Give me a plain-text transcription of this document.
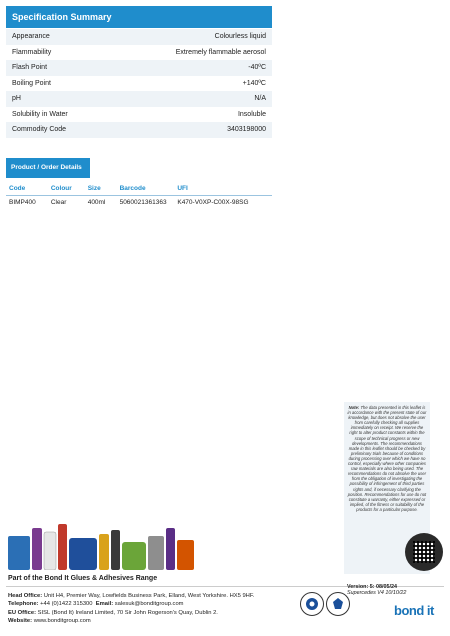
Specification Summary
Appearance	Colourless liquid
Flammability	Extremely flammable aerosol
Flash Point	-40ºC
Boiling Point	+140ºC
pH	N/A
Solubility in Water	Insoluble
Commodity Code	3403198000
Product / Order Details
Code	Colour	Size	Barcode	UFI
BIMP400	Clear	400ml	5060021361363	K470-V0XP-C00X-98SG
Note: The data presented in this leaflet is in accordance with the present state of our knowledge, but does not absolve the user from carefully checking all supplies immediately on receipt. We reserve the right to alter product constants within the scope of technical progress or new developments. The recommendations made in this leaflet should be checked by preliminary trials because of conditions during processing over which we have no control, especially where other companies raw materials are also being used. The recommendations do not absolve the user from the obligation of investigating the possibility of infringement of third parties rights and, if necessary clarifying the position. Recommendations for use do not constitute a warranty, either expressed or implied, of the fitness or suitability of the products for a particular purpose.
Part of the Bond It Glues & Adhesives Range
Head Office: Unit H4, Premier Way, Lowfields Business Park, Elland, West Yorkshire. HX5 9HF.
Telephone: +44 (0)1422 315300 Email: salesuk@bonditgroup.com
EU Office: SISL (Bond It) Ireland Limited, 70 Sir John Rogerson's Quay, Dublin 2.
Website: www.bonditgroup.com
Version: 5: 08/05/24
Supercedes V4 10/10/22
bond it
